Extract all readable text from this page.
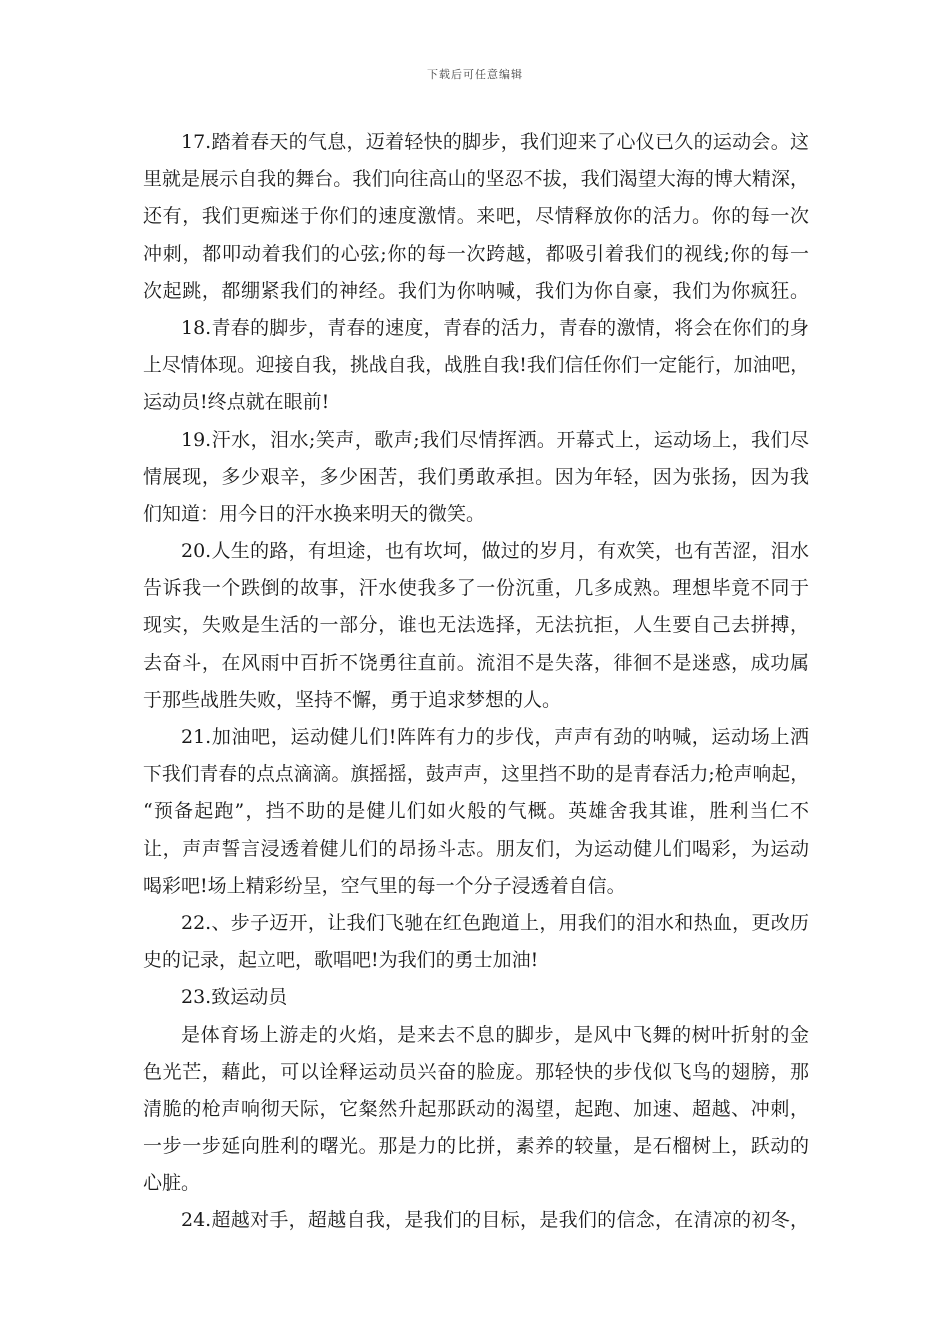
下载后可任意编辑
17.踏着春天的气息，迈着轻快的脚步，我们迎来了心仪已久的运动会。这
里就是展示自我的舞台。我们向往高山的坚忍不拔，我们渴望大海的博大精深，
还有，我们更痴迷于你们的速度激情。来吧，尽情释放你的活力。你的每一次
冲刺，都叩动着我们的心弦;你的每一次跨越，都吸引着我们的视线;你的每一
次起跳，都绷紧我们的神经。我们为你呐喊，我们为你自豪，我们为你疯狂。
18.青春的脚步，青春的速度，青春的活力，青春的激情，将会在你们的身
上尽情体现。迎接自我，挑战自我，战胜自我!我们信任你们一定能行，加油吧，
运动员!终点就在眼前!
19.汗水，泪水;笑声，歌声;我们尽情挥洒。开幕式上，运动场上，我们尽
情展现，多少艰辛，多少困苦，我们勇敢承担。因为年轻，因为张扬，因为我
们知道：用今日的汗水换来明天的微笑。
20.人生的路，有坦途，也有坎坷，做过的岁月，有欢笑，也有苦涩，泪水
告诉我一个跌倒的故事，汗水使我多了一份沉重，几多成熟。理想毕竟不同于
现实，失败是生活的一部分，谁也无法选择，无法抗拒，人生要自己去拼搏，
去奋斗，在风雨中百折不饶勇往直前。流泪不是失落，徘徊不是迷惑，成功属
于那些战胜失败，坚持不懈，勇于追求梦想的人。
21.加油吧，运动健儿们!阵阵有力的步伐，声声有劲的呐喊，运动场上洒
下我们青春的点点滴滴。旗摇摇，鼓声声，这里挡不助的是青春活力;枪声响起，
“预备起跑”，挡不助的是健儿们如火般的气概。英雄舍我其谁，胜利当仁不
让，声声誓言浸透着健儿们的昂扬斗志。朋友们，为运动健儿们喝彩，为运动
喝彩吧!场上精彩纷呈，空气里的每一个分子浸透着自信。
22.、步子迈开，让我们飞驰在红色跑道上，用我们的泪水和热血，更改历
史的记录，起立吧，歌唱吧!为我们的勇士加油!
23.致运动员
是体育场上游走的火焰，是来去不息的脚步，是风中飞舞的树叶折射的金
色光芒，藉此，可以诠释运动员兴奋的脸庞。那轻快的步伐似飞鸟的翅膀，那
清脆的枪声响彻天际，它粲然升起那跃动的渴望，起跑、加速、超越、冲刺，
一步一步延向胜利的曙光。那是力的比拼，素养的较量，是石榴树上，跃动的
心脏。
24.超越对手，超越自我，是我们的目标，是我们的信念，在清凉的初冬，
